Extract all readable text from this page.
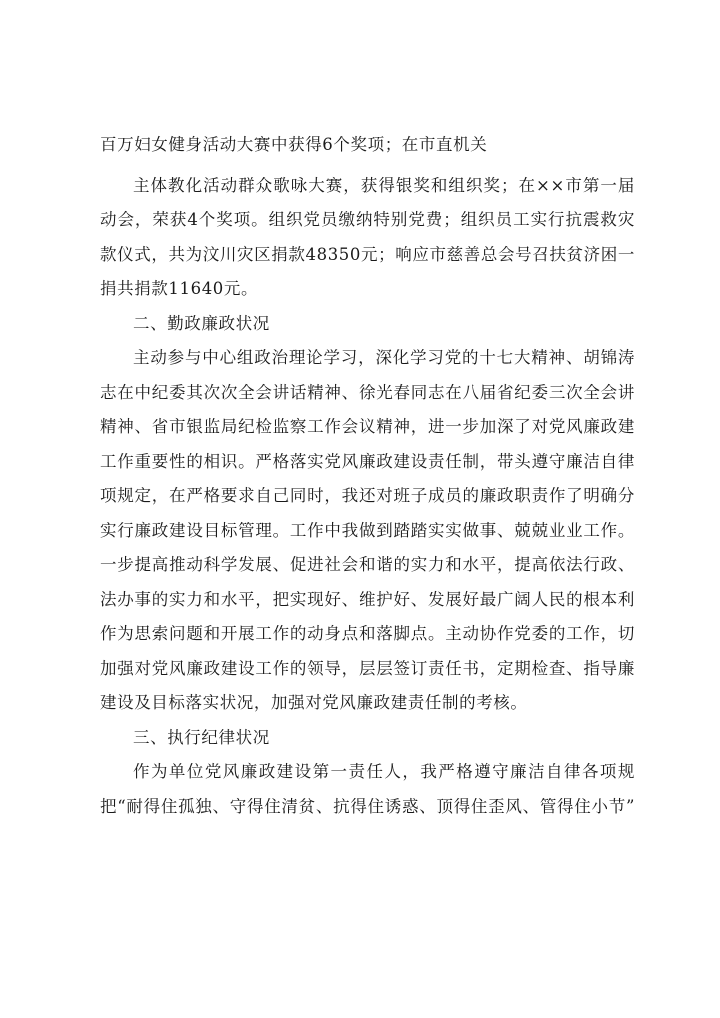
百万妇女健身活动大赛中获得6个奖项；在市直机关
主体教化活动群众歌咏大赛，获得银奖和组织奖；在××市第一届
动会，荣获4个奖项。组织党员缴纳特别党费；组织员工实行抗震救灾
款仪式，共为汶川灾区捐款48350元；响应市慈善总会号召扶贫济困一
捐共捐款11640元。
二、勤政廉政状况
主动参与中心组政治理论学习，深化学习党的十七大精神、胡锦涛
志在中纪委其次次全会讲话精神、徐光春同志在八届省纪委三次全会讲
精神、省市银监局纪检监察工作会议精神，进一步加深了对党风廉政建
工作重要性的相识。严格落实党风廉政建设责任制，带头遵守廉洁自律
项规定，在严格要求自己同时，我还对班子成员的廉政职责作了明确分
实行廉政建设目标管理。工作中我做到踏踏实实做事、兢兢业业工作。
一步提高推动科学发展、促进社会和谐的实力和水平，提高依法行政、
法办事的实力和水平，把实现好、维护好、发展好最广阔人民的根本利
作为思索问题和开展工作的动身点和落脚点。主动协作党委的工作，切
加强对党风廉政建设工作的领导，层层签订责任书，定期检查、指导廉
建设及目标落实状况，加强对党风廉政建责任制的考核。
三、执行纪律状况
作为单位党风廉政建设第一责任人，我严格遵守廉洁自律各项规
把“耐得住孤独、守得住清贫、抗得住诱惑、顶得住歪风、管得住小节”
